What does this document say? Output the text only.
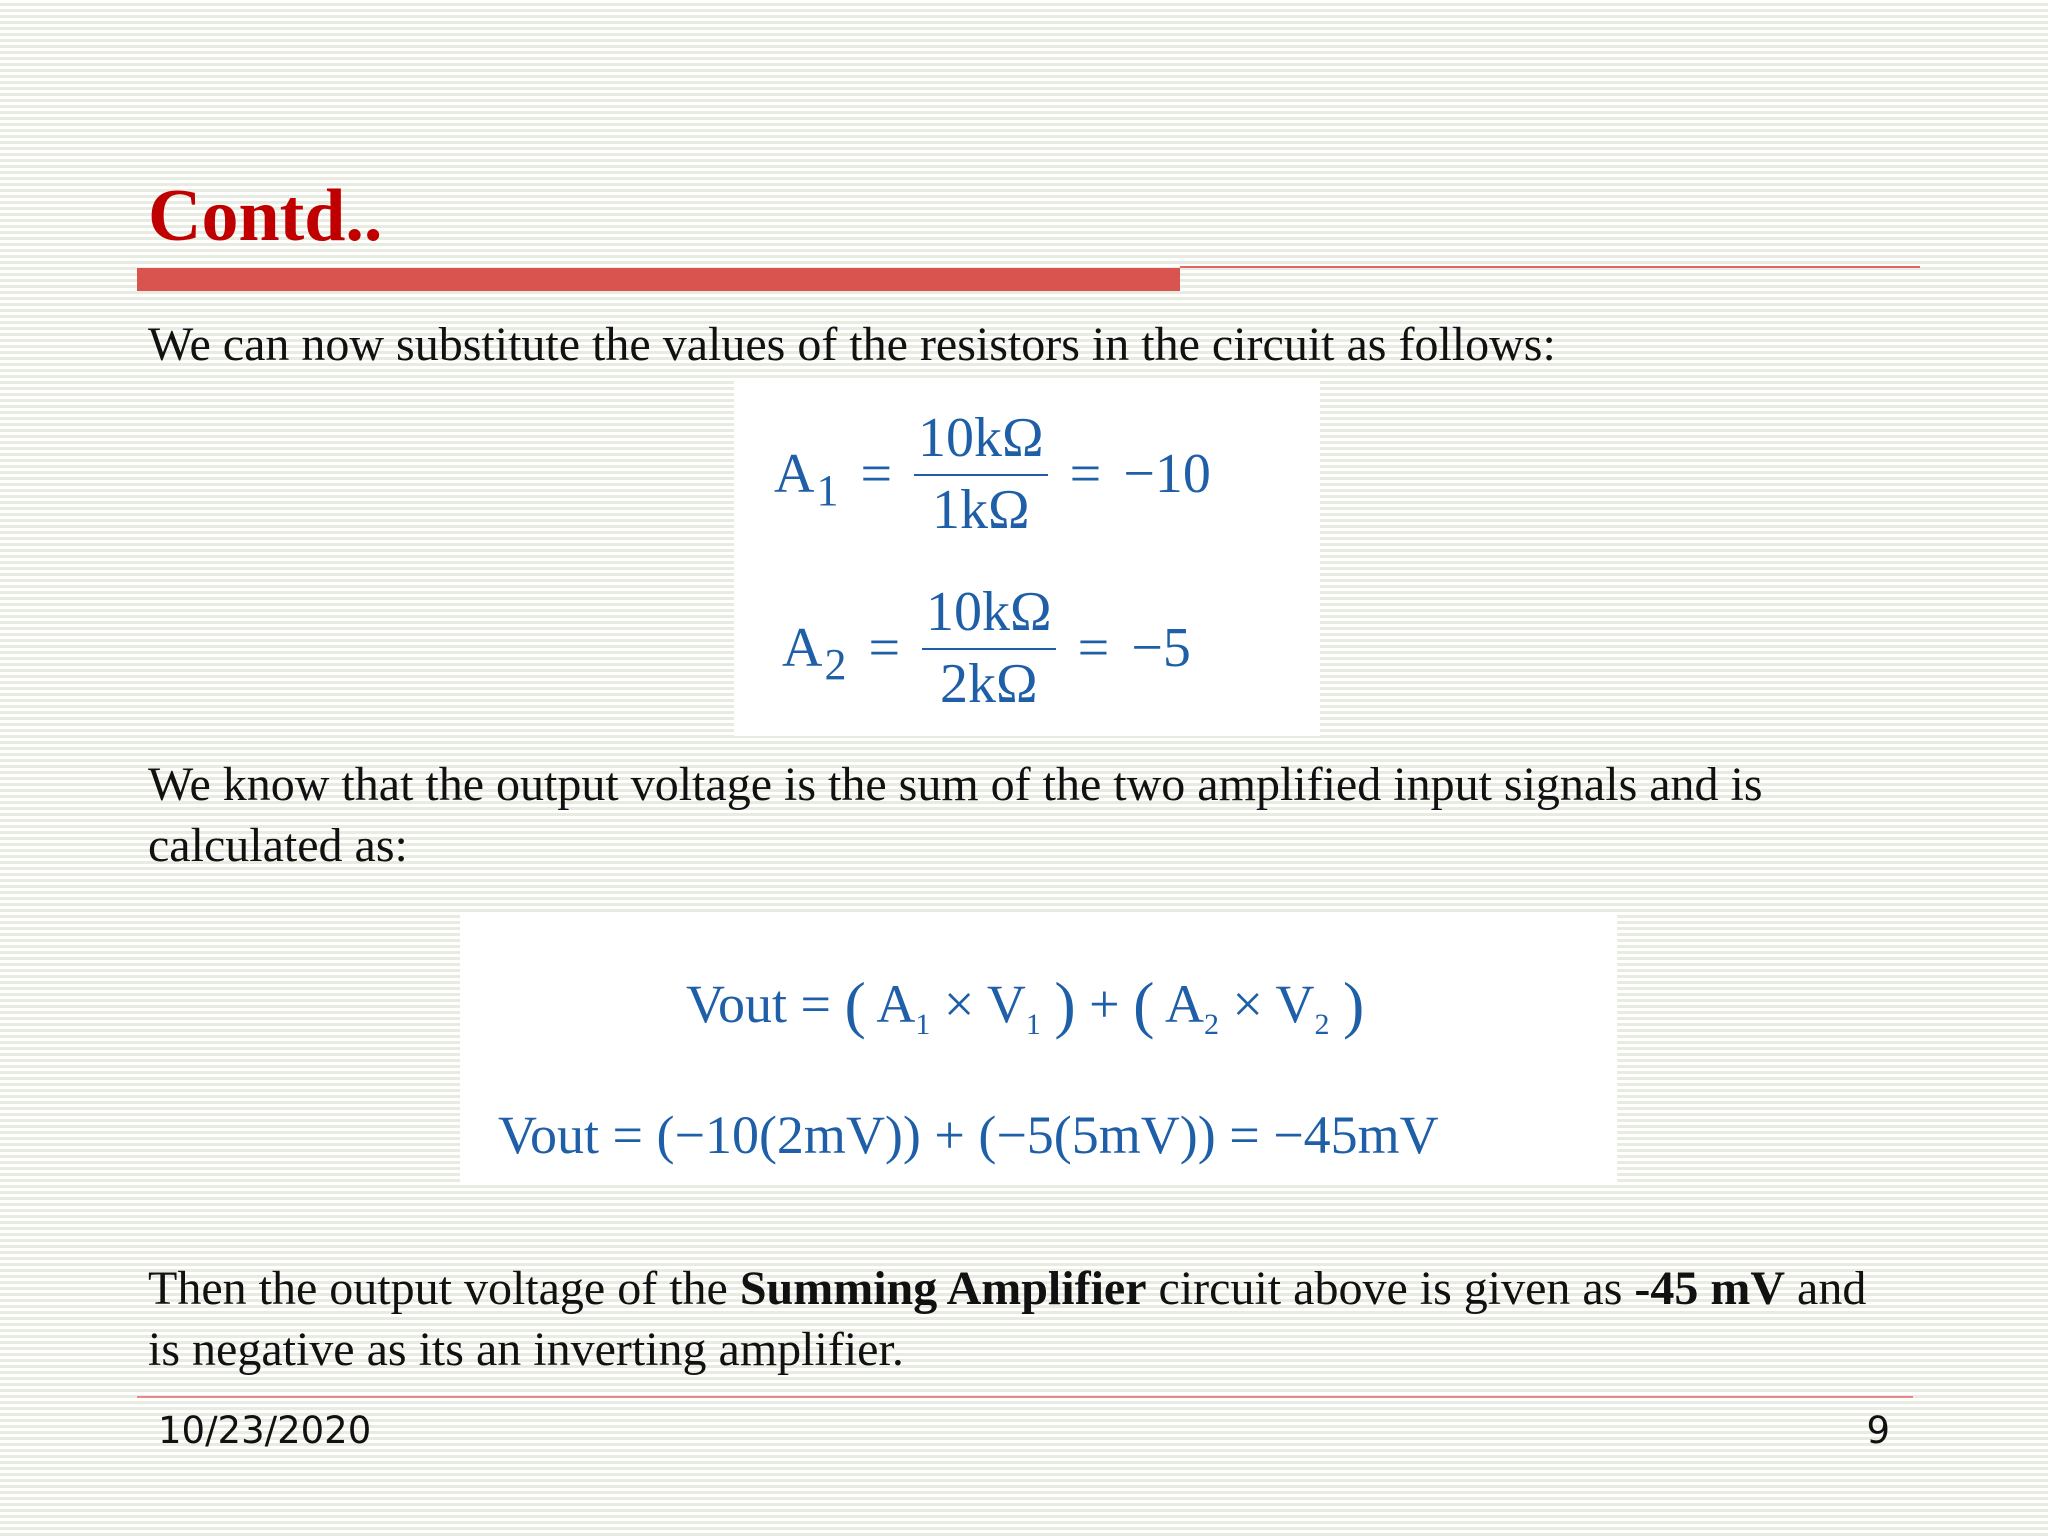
Contd..

We can now substitute the values of the resistors in the circuit as follows:

A $1 = \frac{10k\Omega}{1k\Omega} = -10$
A $2 = \frac{10k\Omega}{2k\Omega} = -5$

We know that the output voltage is the sum of the two amplified input signals and is calculated as:

Vout = ( $A_1 \times V_1$ ) + ( $A_2 \times V_2$ )
Vout = (−10(2mV)) + (−5(5mV)) = −45mV

Then the output voltage of the Summing Amplifier circuit above is given as -45 mV and is negative as its an inverting amplifier.

10/23/2020	9
